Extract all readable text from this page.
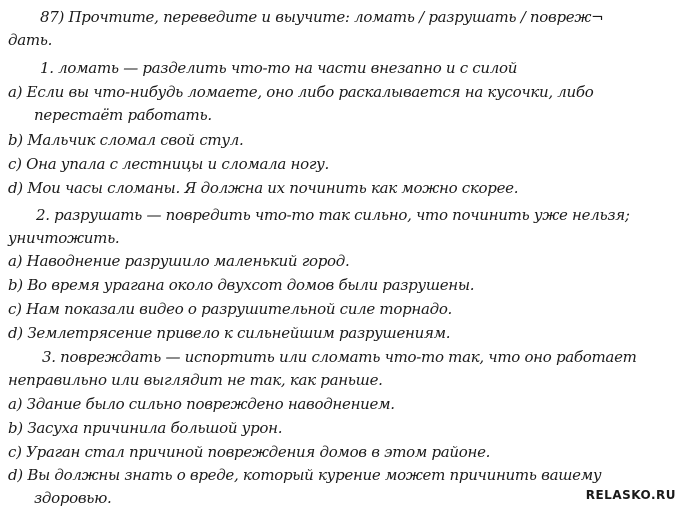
87) Прочтите, переведите и выучите: ломать / разрушать / повреж¬
дать.
1. ломать — разделить что-то на части внезапно и с силой
a) Если вы что-нибудь ломаете, оно либо раскалывается на кусочки, либо
перестаёт работать.
b) Мальчик сломал свой стул.
c) Она упала с лестницы и сломала ногу.
d) Мои часы сломаны. Я должна их починить как можно скорее.
2. разрушать — повредить что-то так сильно, что починить уже нельзя;
уничтожить.
a) Наводнение разрушило маленький город.
b) Во время урагана около двухсот домов были разрушены.
c) Нам показали видео о разрушительной силе торнадо.
d) Землетрясение привело к сильнейшим разрушениям.
3. повреждать — испортить или сломать что-то так, что оно работает
неправильно или выглядит не так, как раньше.
a) Здание было сильно повреждено наводнением.
b) Засуха причинила большой урон.
c) Ураган стал причиной повреждения домов в этом районе.
d) Вы должны знать о вреде, который курение может причинить вашему
здоровью.	RELASKO.RU
